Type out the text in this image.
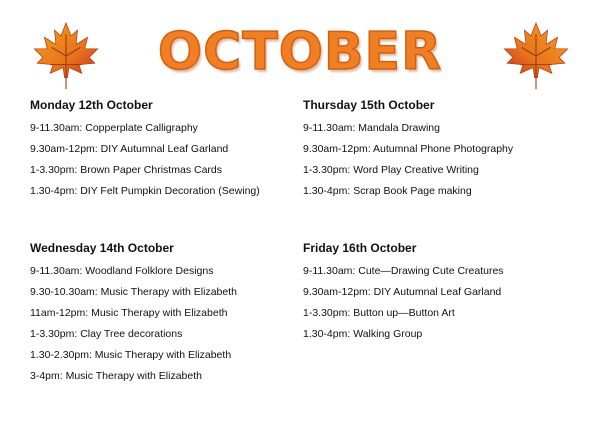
OCTOBER
Monday 12th October
9-11.30am: Copperplate Calligraphy
9.30am-12pm: DIY Autumnal Leaf Garland
1-3.30pm: Brown Paper Christmas Cards
1.30-4pm: DIY Felt Pumpkin Decoration (Sewing)
Thursday 15th October
9-11.30am: Mandala Drawing
9.30am-12pm: Autumnal Phone Photography
1-3.30pm: Word Play Creative Writing
1.30-4pm: Scrap Book Page making
Wednesday 14th October
9-11.30am: Woodland Folklore Designs
9.30-10.30am: Music Therapy with Elizabeth
11am-12pm: Music Therapy with Elizabeth
1-3.30pm: Clay Tree decorations
1.30-2.30pm: Music Therapy with Elizabeth
3-4pm: Music Therapy with Elizabeth
Friday 16th October
9-11.30am: Cute—Drawing Cute Creatures
9.30am-12pm: DIY Autumnal Leaf Garland
1-3.30pm: Button up—Button Art
1.30-4pm: Walking Group
